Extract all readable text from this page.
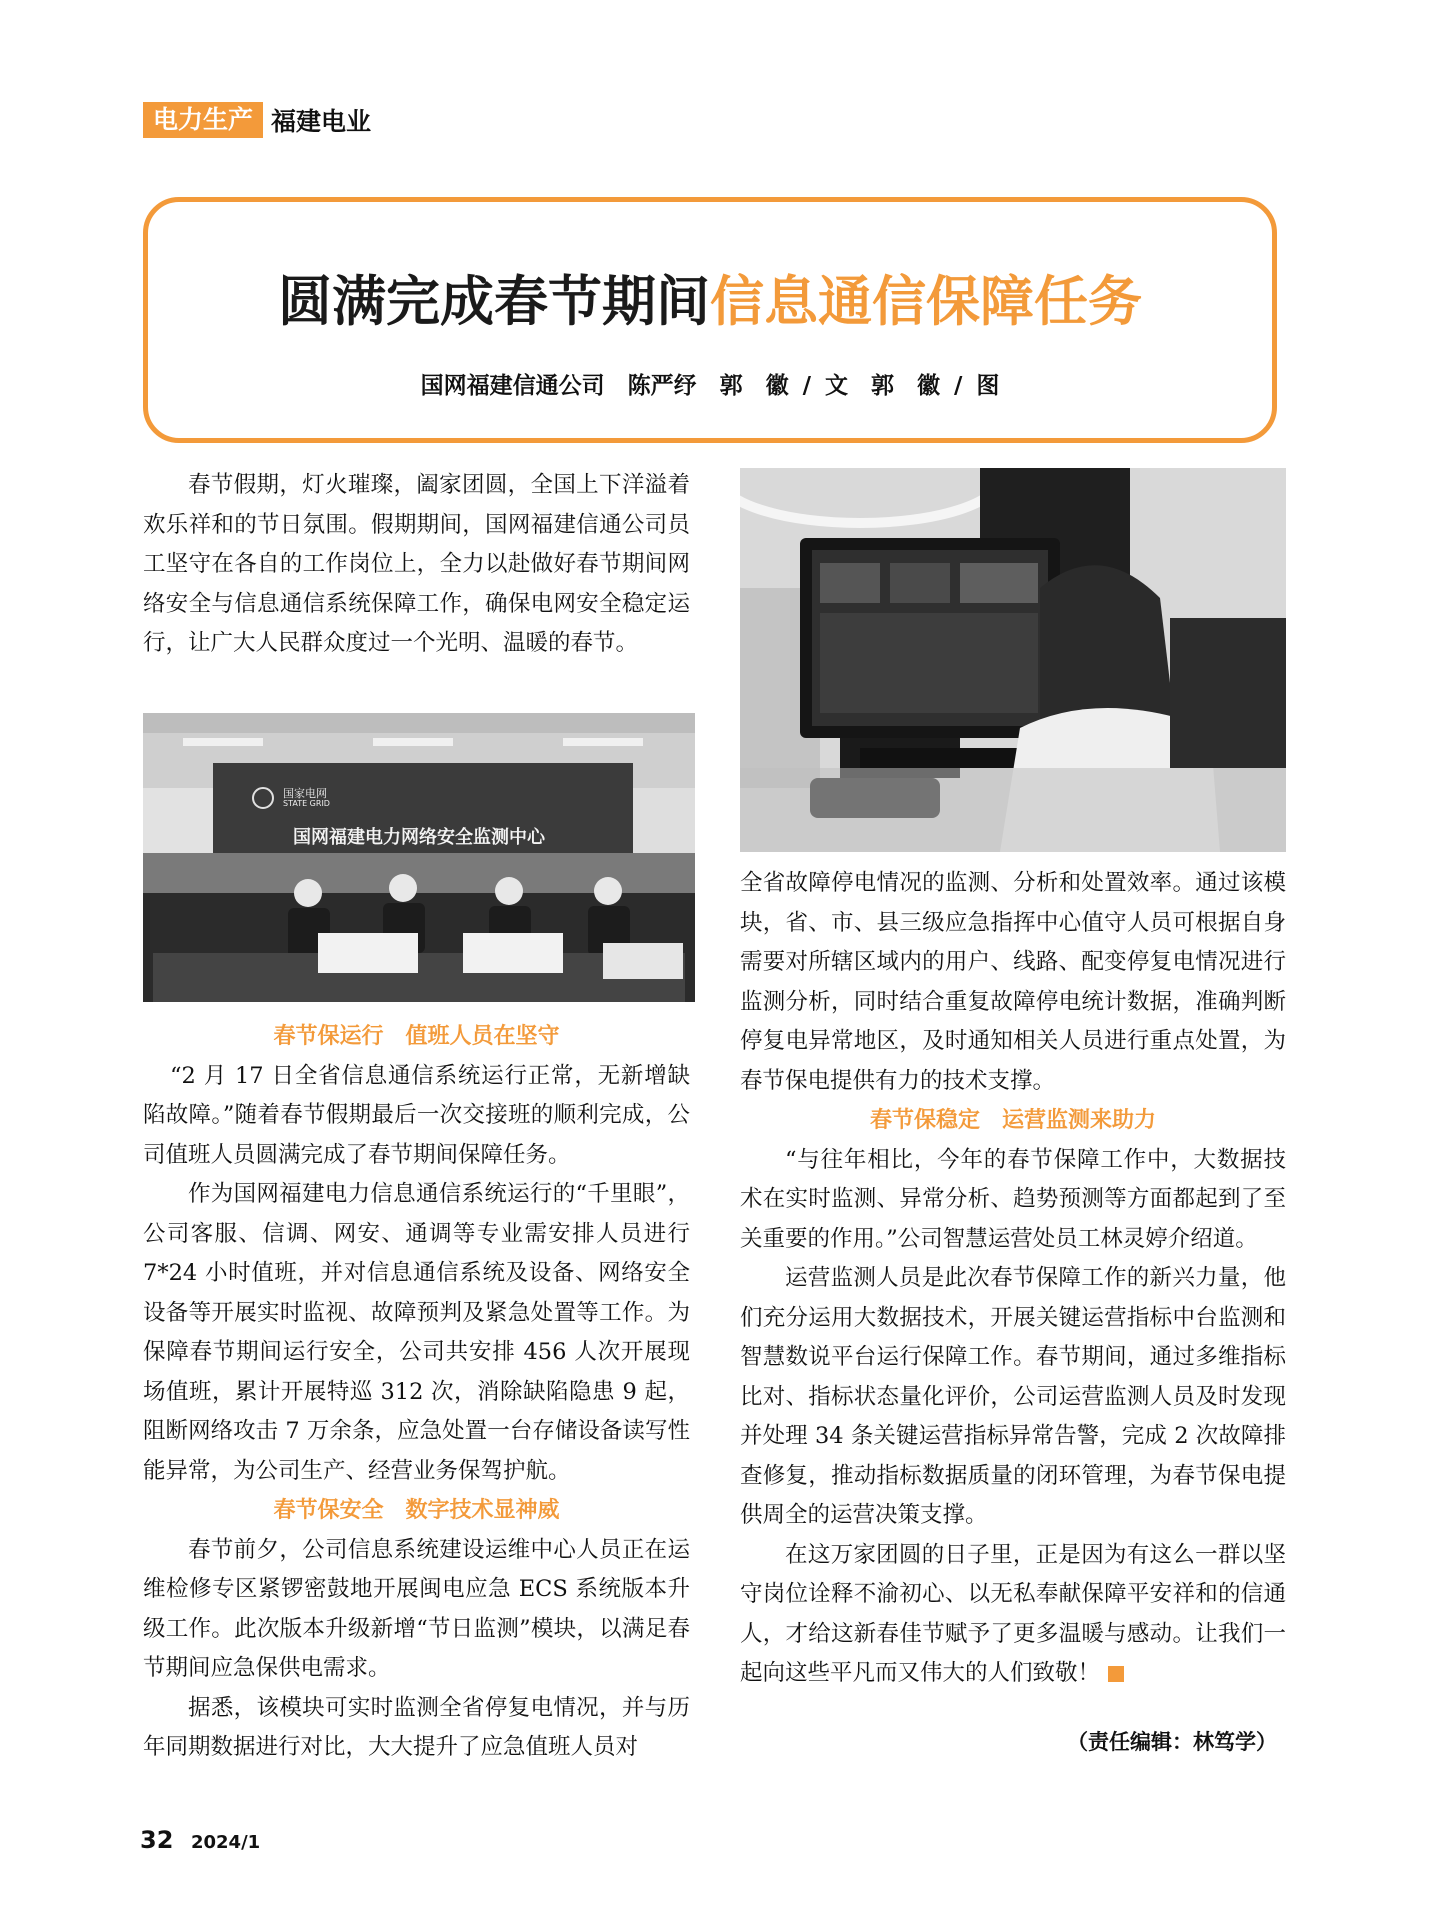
电力生产 福建电业
圆满完成春节期间信息通信保障任务
国网福建信通公司　陈严纾　郭　徽 / 文　郭　徽 / 图

春节假期，灯火璀璨，阖家团圆，全国上下洋溢着欢乐祥和的节日氛围。假期期间，国网福建信通公司员工坚守在各自的工作岗位上，全力以赴做好春节期间网络安全与信息通信系统保障工作，确保电网安全稳定运行，让广大人民群众度过一个光明、温暖的春节。

国家电网
STATE GRID
国网福建电力网络安全监测中心
春节保运行　值班人员在坚守

“2 月 17 日全省信息通信系统运行正常，无新增缺陷故障。”随着春节假期最后一次交接班的顺利完成，公司值班人员圆满完成了春节期间保障任务。

作为国网福建电力信息通信系统运行的“千里眼”，公司客服、信调、网安、通调等专业需安排人员进行 7*24 小时值班，并对信息通信系统及设备、网络安全设备等开展实时监视、故障预判及紧急处置等工作。为保障春节期间运行安全，公司共安排 456 人次开展现场值班，累计开展特巡 312 次，消除缺陷隐患 9 起，阻断网络攻击 7 万余条，应急处置一台存储设备读写性能异常，为公司生产、经营业务保驾护航。

春节保安全　数字技术显神威

春节前夕，公司信息系统建设运维中心人员正在运维检修专区紧锣密鼓地开展闽电应急 ECS 系统版本升级工作。此次版本升级新增“节日监测”模块，以满足春节期间应急保供电需求。

据悉，该模块可实时监测全省停复电情况，并与历年同期数据进行对比，大大提升了应急值班人员对

全省故障停电情况的监测、分析和处置效率。通过该模块，省、市、县三级应急指挥中心值守人员可根据自身需要对所辖区域内的用户、线路、配变停复电情况进行监测分析，同时结合重复故障停电统计数据，准确判断停复电异常地区，及时通知相关人员进行重点处置，为春节保电提供有力的技术支撑。

春节保稳定　运营监测来助力

“与往年相比，今年的春节保障工作中，大数据技术在实时监测、异常分析、趋势预测等方面都起到了至关重要的作用。”公司智慧运营处员工林灵婷介绍道。

运营监测人员是此次春节保障工作的新兴力量，他们充分运用大数据技术，开展关键运营指标中台监测和智慧数说平台运行保障工作。春节期间，通过多维指标比对、指标状态量化评价，公司运营监测人员及时发现并处理 34 条关键运营指标异常告警，完成 2 次故障排查修复，推动指标数据质量的闭环管理，为春节保电提供周全的运营决策支撑。

在这万家团圆的日子里，正是因为有这么一群以坚守岗位诠释不渝初心、以无私奉献保障平安祥和的信通人，才给这新春佳节赋予了更多温暖与感动。让我们一起向这些平凡而又伟大的人们致敬！

（责任编辑：林笃学）
32 2024/1
